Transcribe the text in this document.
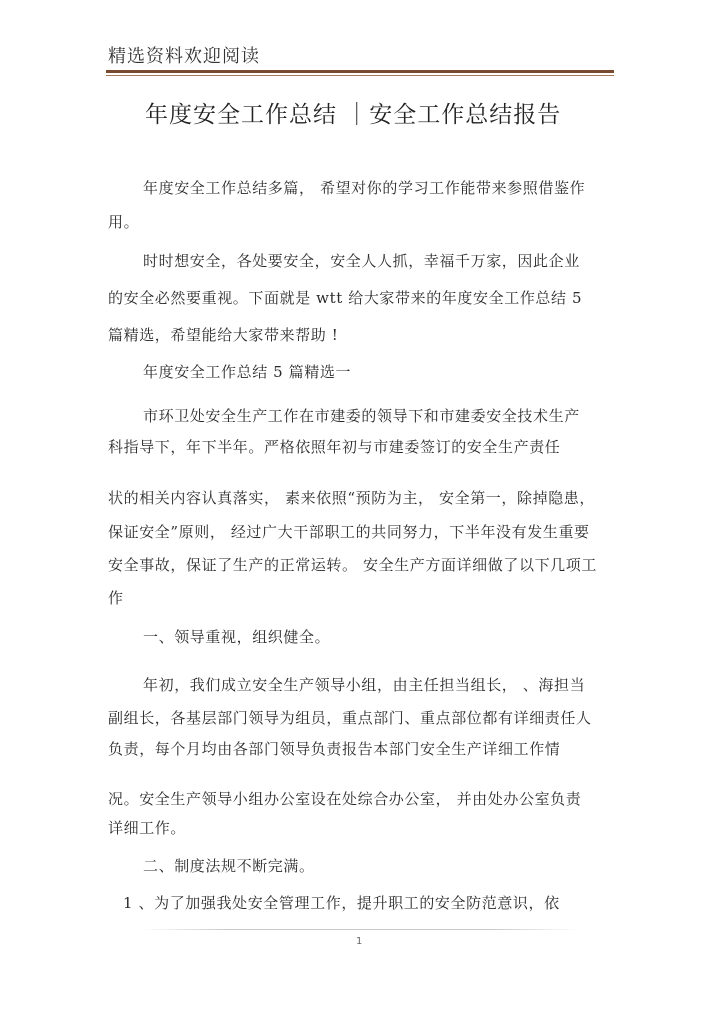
精选资料欢迎阅读
年度安全工作总结 ｜安全工作总结报告
年度安全工作总结多篇， 希望对你的学习工作能带来参照借鉴作
用。
时时想安全，各处要安全，安全人人抓，幸福千万家，因此企业
的安全必然要重视。下面就是 wtt 给大家带来的年度安全工作总结 5
篇精选，希望能给大家带来帮助 !
年度安全工作总结 5 篇精选一
市环卫处安全生产工作在市建委的领导下和市建委安全技术生产
科指导下，年下半年。严格依照年初与市建委签订的安全生产责任
状的相关内容认真落实， 素来依照“预防为主， 安全第一，除掉隐患，
保证安全”原则， 经过广大干部职工的共同努力，下半年没有发生重要
安全事故，保证了生产的正常运转。 安全生产方面详细做了以下几项工
作
一、领导重视，组织健全。
年初，我们成立安全生产领导小组，由主任担当组长， 、海担当
副组长，各基层部门领导为组员，重点部门、重点部位都有详细责任人
负责，每个月均由各部门领导负责报告本部门安全生产详细工作情
况。安全生产领导小组办公室设在处综合办公室， 并由处办公室负责
详细工作。
二、制度法规不断完满。
1 、为了加强我处安全管理工作，提升职工的安全防范意识，依
1
